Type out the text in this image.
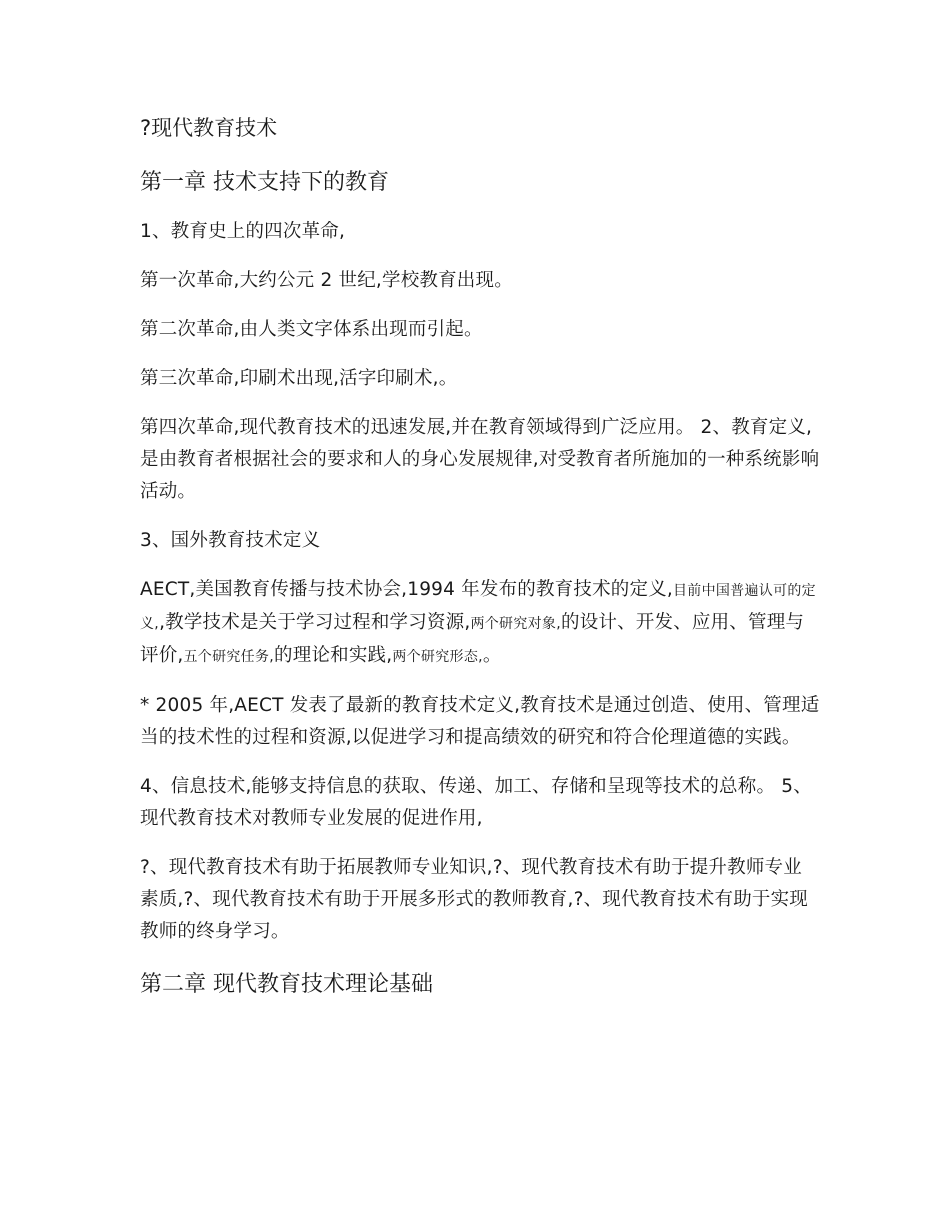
?现代教育技术
第一章 技术支持下的教育
1、教育史上的四次革命,
第一次革命,大约公元 2 世纪,学校教育出现。
第二次革命,由人类文字体系出现而引起。
第三次革命,印刷术出现,活字印刷术,。
第四次革命,现代教育技术的迅速发展,并在教育领域得到广泛应用。 2、教育定义,是由教育者根据社会的要求和人的身心发展规律,对受教育者所施加的一种系统影响活动。
3、国外教育技术定义
AECT,美国教育传播与技术协会,1994 年发布的教育技术的定义,目前中国普遍认可的定义,,教学技术是关于学习过程和学习资源,两个研究对象,的设计、开发、应用、管理与评价,五个研究任务,的理论和实践,两个研究形态,。
* 2005 年,AECT 发表了最新的教育技术定义,教育技术是通过创造、使用、管理适当的技术性的过程和资源,以促进学习和提高绩效的研究和符合伦理道德的实践。
4、信息技术,能够支持信息的获取、传递、加工、存储和呈现等技术的总称。 5、现代教育技术对教师专业发展的促进作用,
?、现代教育技术有助于拓展教师专业知识,?、现代教育技术有助于提升教师专业素质,?、现代教育技术有助于开展多形式的教师教育,?、现代教育技术有助于实现教师的终身学习。
第二章 现代教育技术理论基础
